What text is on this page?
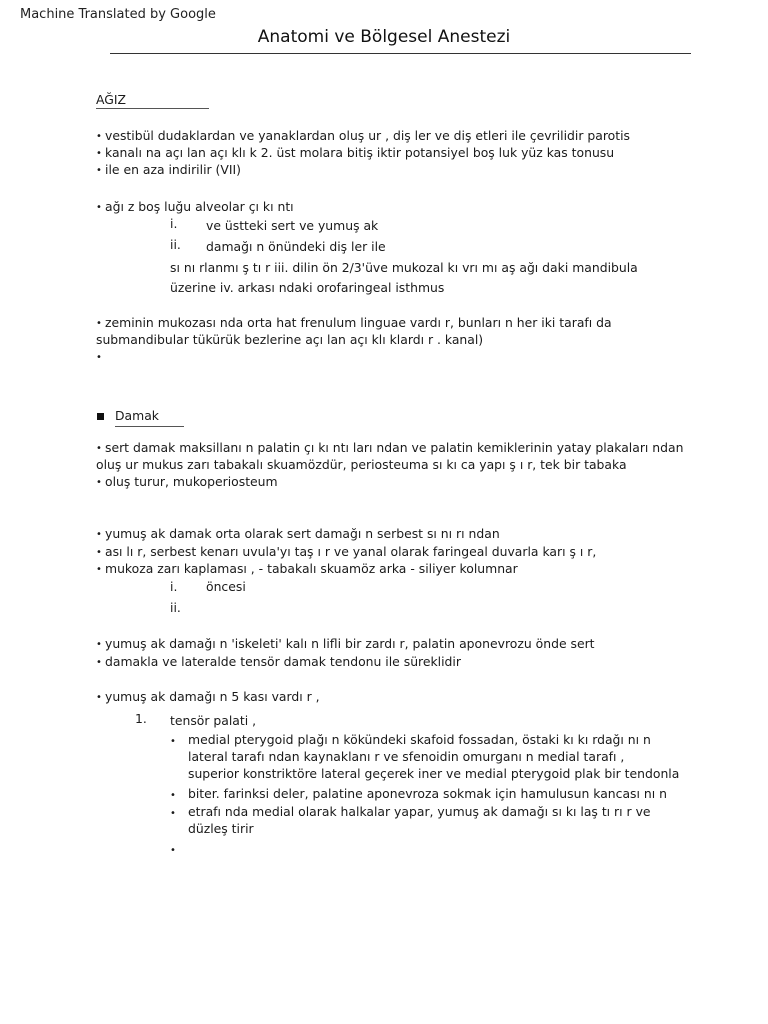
Machine Translated by Google
Anatomi ve Bölgesel Anestezi
AĞIZ
• vestibül dudaklardan ve yanaklardan oluş ur , diş ler ve diş etleri ile çevrilidir parotis
• kanalı na açı lan açı klı k 2. üst molara bitiş iktir potansiyel boş luk yüz kas tonusu
• ile en aza indirilir (VII)
• ağı z boş luğu alveolar çı kı ntı
i. ve üstteki sert ve yumuş ak
ii. damağı n önündeki diş ler ile
sı nı rlanmı ş tı r iii. dilin ön 2/3'üve mukozal kı vrı mı aş ağı daki mandibula
üzerine iv. arkası ndaki orofaringeal isthmus
• zeminin mukozası nda orta hat frenulum linguae vardı r, bunları n her iki tarafı da
submandibular tükürük bezlerine açı lan açı klı klardı r . kanal)
•
Damak
• sert damak maksillanı n palatin çı kı ntı ları ndan ve palatin kemiklerinin yatay plakaları ndan
oluş ur mukus zarı tabakalı skuamözdür, periosteuma sı kı ca yapı ş ı r, tek bir tabaka
• oluş turur, mukoperiosteum
• yumuş ak damak orta olarak sert damağı n serbest sı nı rı ndan
• ası lı r, serbest kenarı uvula'yı taş ı r ve yanal olarak faringeal duvarla karı ş ı r,
• mukoza zarı kaplaması , - tabakalı skuamöz arka - siliyer kolumnar
i. öncesi
ii.
• yumuş ak damağı n 'iskeleti' kalı n lifli bir zardı r, palatin aponevrozu önde sert
• damakla ve lateralde tensör damak tendonu ile süreklidir
• yumuş ak damağı n 5 kası vardı r ,
1. tensör palati ,
• medial pterygoid plağı n kökündeki skafoid fossadan, östaki kı kı rdağı nı n
lateral tarafı ndan kaynaklanı r ve sfenoidin omurganı n medial tarafı ,
superior konstriktöre lateral geçerek iner ve medial pterygoid plak bir tendonla
• biter. farinksi deler, palatine aponevroza sokmak için hamulusun kancası nı n
• etrafı nda medial olarak halkalar yapar, yumuş ak damağı sı kı laş tı rı r ve
düzleş tirir
•
